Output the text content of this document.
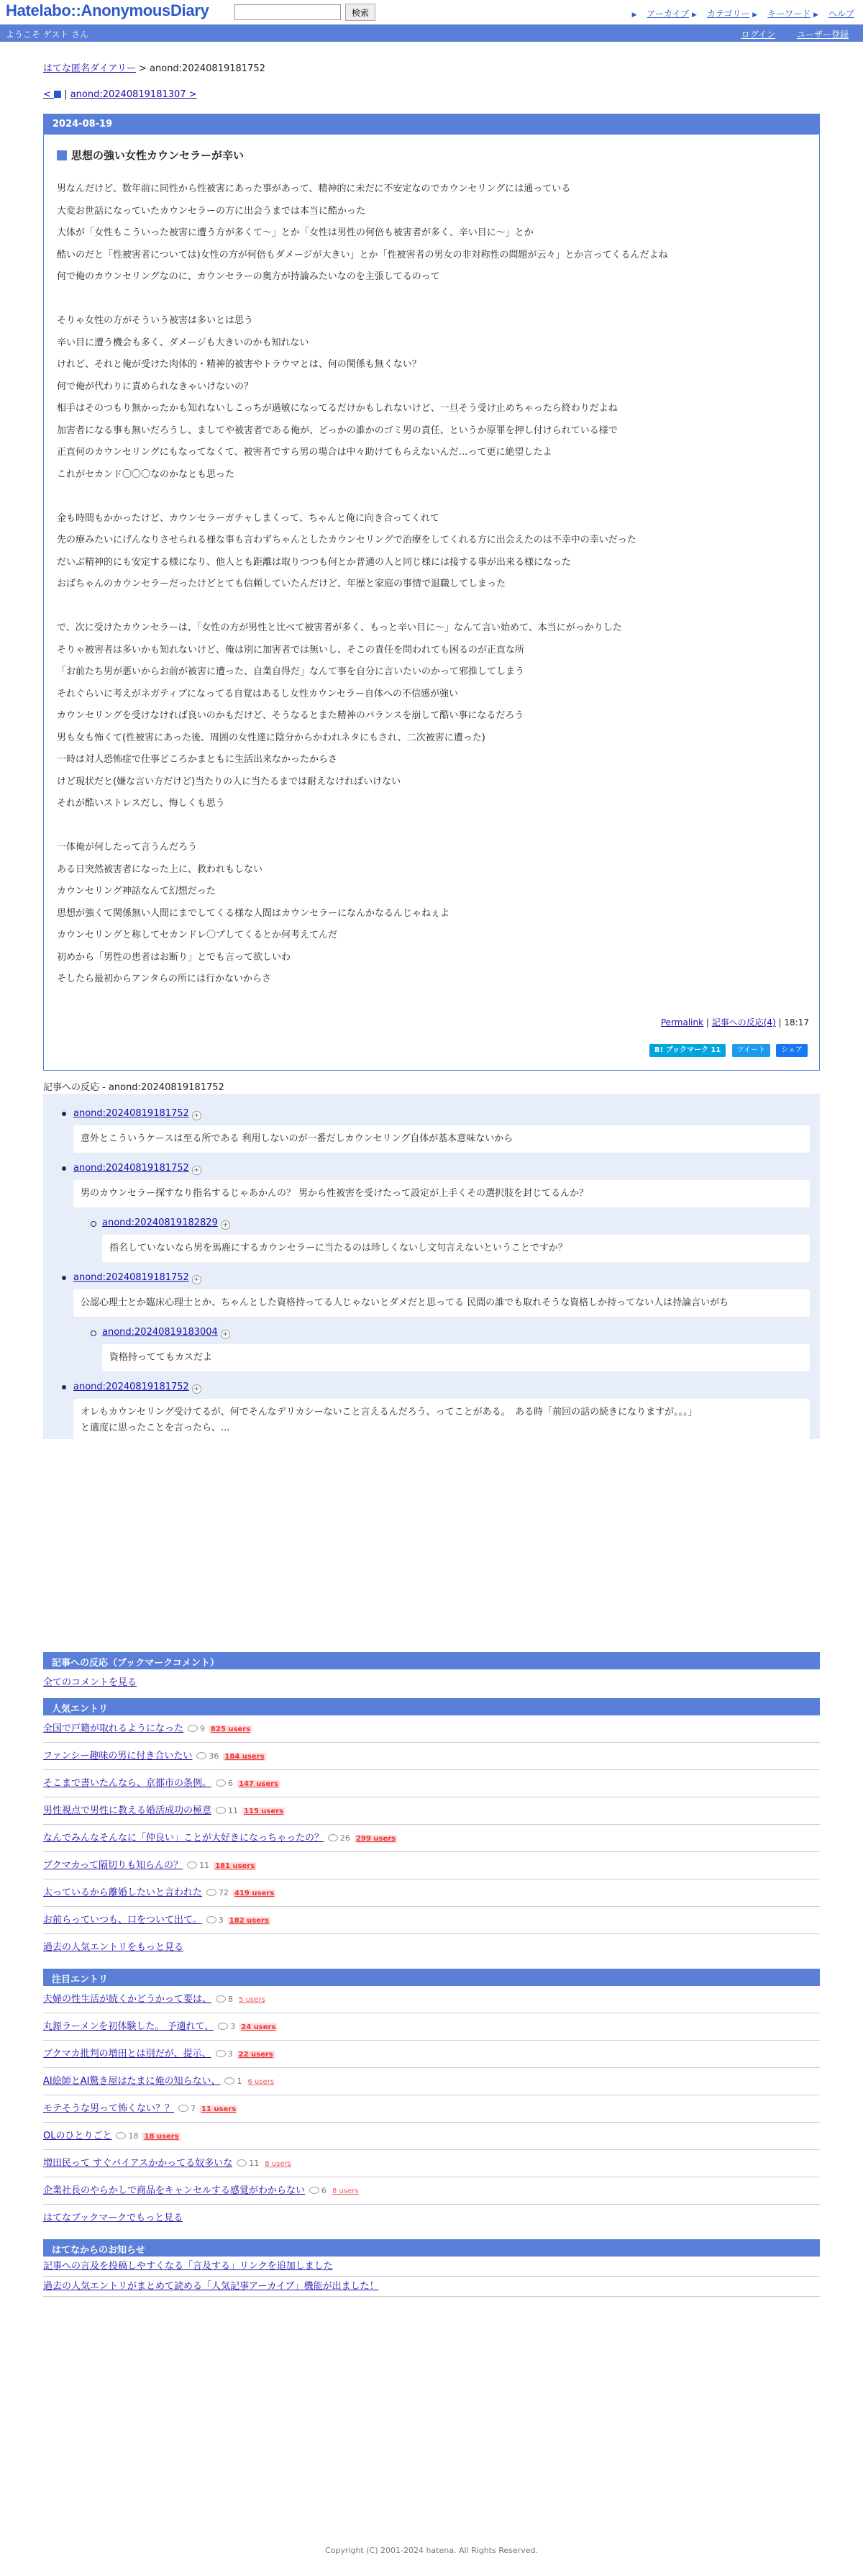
Hatelabo::AnonymousDiary	検索	▶ アーカイブ ▶ カテゴリー ▶ キーワード ▶ ヘルプ
ようこそ ゲスト さん	ログイン ユーザー登録
はてな匿名ダイアリー > anond:20240819181752
< | anond:20240819181307 >
2024-08-19
思想の強い女性カウンセラーが辛い

男なんだけど、数年前に同性から性被害にあった事があって、精神的に未だに不安定なのでカウンセリングには通っている

大変お世話になっていたカウンセラーの方に出会うまでは本当に酷かった

大体が「女性もこういった被害に遭う方が多くて〜」とか「女性は男性の何倍も被害者が多く、辛い目に〜」とか

酷いのだと「性被害者については)女性の方が何倍もダメージが大きい」とか「性被害者の男女の非対称性の問題が云々」とか言ってくるんだよね

何で俺のカウンセリングなのに、カウンセラーの奥方が持論みたいなのを主張してるのって

そりゃ女性の方がそういう被害は多いとは思う

辛い目に遭う機会も多く、ダメージも大きいのかも知れない

けれど、それと俺が受けた肉体的・精神的被害やトラウマとは、何の関係も無くない？

何で俺が代わりに責められなきゃいけないの？

相手はそのつもり無かったかも知れないしこっちが過敏になってるだけかもしれないけど、一旦そう受け止めちゃったら終わりだよね

加害者になる事も無いだろうし、ましてや被害者である俺が、どっかの誰かのゴミ男の責任、というか原罪を押し付けられている様で

正直何のカウンセリングにもなってなくて、被害者ですら男の場合は中々助けてもらえないんだ…って更に絶望したよ

これがセカンド〇〇〇なのかなとも思った

金も時間もかかったけど、カウンセラーガチャしまくって、ちゃんと俺に向き合ってくれて

先の療みたいにげんなりさせられる様な事も言わずちゃんとしたカウンセリングで治療をしてくれる方に出会えたのは不幸中の幸いだった

だいぶ精神的にも安定する様になり、他人とも距離は取りつつも何とか普通の人と同じ様には接する事が出来る様になった

おばちゃんのカウンセラーだったけどとても信頼していたんだけど、年歴と家庭の事情で退職してしまった

で、次に受けたカウンセラーは、「女性の方が男性と比べて被害者が多く、もっと辛い目に〜」なんて言い始めて、本当にがっかりした

そりゃ被害者は多いかも知れないけど、俺は別に加害者では無いし、そこの責任を問われても困るのが正直な所

「お前たち男が悪いからお前が被害に遭った、自業自得だ」なんて事を自分に言いたいのかって邪推してしまう

それぐらいに考えがネガティブになってる自覚はあるし女性カウンセラー自体への不信感が強い

カウンセリングを受けなければ良いのかもだけど、そうなるとまた精神のバランスを崩して酷い事になるだろう

男も女も怖くて(性被害にあった後、周囲の女性達に陰分からかわれネタにもされ、二次被害に遭った)

一時は対人恐怖症で仕事どころかまともに生活出来なかったからさ

けど現状だと(嫌な言い方だけど)当たりの人に当たるまでは耐えなければいけない

それが酷いストレスだし、悔しくも思う

一体俺が何したって言うんだろう

ある日突然被害者になった上に、救われもしない

カウンセリング神話なんて幻想だった

思想が強くて関係無い人間にまでしてくる様な人間はカウンセラーになんかなるんじゃねぇよ

カウンセリングと称してセカンドレ〇プしてくるとか何考えてんだ

初めから「男性の患者はお断り」とでも言って欲しいわ

そしたら最初からアンタらの所には行かないからさ

Permalink | 記事への反応(4) | 18:17
B! ブックマーク 11 ツイート シェア
記事への反応 - anond:20240819181752
anond:20240819181752 +
意外とこういうケースは至る所である 利用しないのが一番だしカウンセリング自体が基本意味ないから
anond:20240819181752 +
男のカウンセラー探すなり指名するじゃあかんの？ 男から性被害を受けたって設定が上手くその選択肢を封じてるんか？
anond:20240819182829 +
指名していないなら男を馬鹿にするカウンセラーに当たるのは珍しくないし文句言えないということですか？
anond:20240819181752 +
公認心理士とか臨床心理士とか、ちゃんとした資格持ってる人じゃないとダメだと思ってる 民間の誰でも取れそうな資格しか持ってない人は持論言いがち
anond:20240819183004 +
資格持っててもカスだよ
anond:20240819181752 +
オレもカウンセリング受けてるが、何でそんなデリカシーないこと言えるんだろう、ってことがある。　ある時「前回の話の続きになりますが。。。」
と適度に思ったことを言ったら、...
記事への反応（ブックマークコメント）
全てのコメントを見る
人気エントリ
全国で戸籍が取れるようになった 9 825 users
ファンシー趣味の男に付き合いたい 36 184 users
そこまで書いたんなら、京都市の条例。 6 147 users
男性視点で男性に教える婚活成功の極意 11 115 users
なんでみんなそんなに「仲良い」ことが大好きになっちゃったの？ 26 299 users
ブクマカって隔切りも知らんの？ 11 181 users
太っているから離婚したいと言われた 72 419 users
お前らっていつも、口をついて出て。 3 182 users
過去の人気エントリをもっと見る
注目エントリ
夫婦の性生活が続くかどうかって要は、 8 5 users
丸源ラーメンを初体験した。 予適れて、 3 24 users
ブクマカ批判の増田とは別だが、提示、 3 22 users
AI絵師とAI驚き屋はたまに俺の知らない、 1 6 users
モテそうな男って怖くない？？ 7 11 users
OLのひとりごと 18 18 users
増田民って すぐバイアスかかってる奴多いな 11 8 users
企業社長のやらかしで商品をキャンセルする感覚がわからない 6 8 users
はてなブックマークでもっと見る
はてなからのお知らせ
記事への言及を投稿しやすくなる「言及する」リンクを追加しました
過去の人気エントリがまとめて読める「人気記事アーカイブ」機能が出ました！
Copyright (C) 2001-2024 hatena. All Rights Reserved.
